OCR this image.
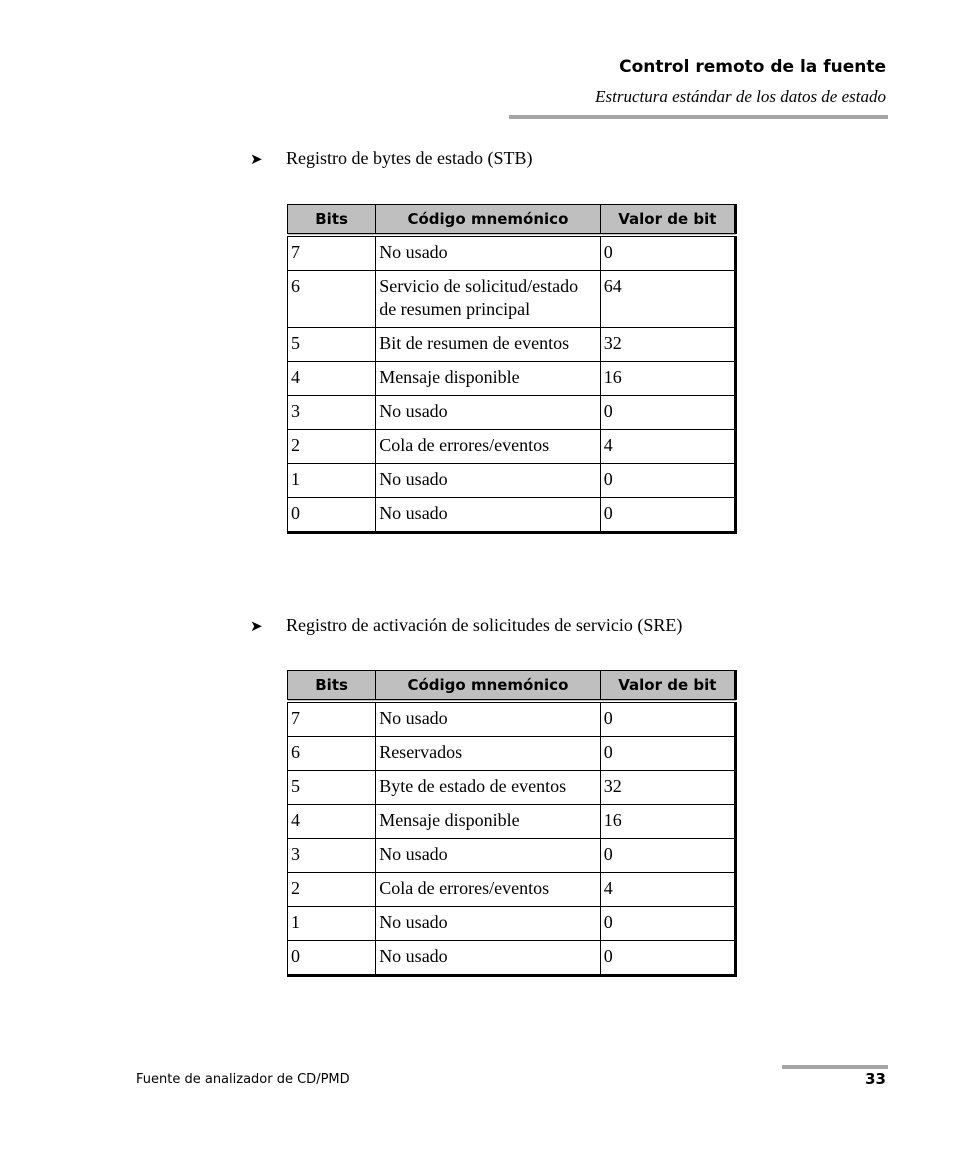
Control remoto de la fuente
Estructura estándar de los datos de estado
➤ Registro de bytes de estado (STB)
Bits	Código mnemónico	Valor de bit
7	No usado	0
6	Servicio de solicitud/estado de resumen principal	64
5	Bit de resumen de eventos	32
4	Mensaje disponible	16
3	No usado	0
2	Cola de errores/eventos	4
1	No usado	0
0	No usado	0
➤ Registro de activación de solicitudes de servicio (SRE)
Bits	Código mnemónico	Valor de bit
7	No usado	0
6	Reservados	0
5	Byte de estado de eventos	32
4	Mensaje disponible	16
3	No usado	0
2	Cola de errores/eventos	4
1	No usado	0
0	No usado	0
Fuente de analizador de CD/PMD	33
